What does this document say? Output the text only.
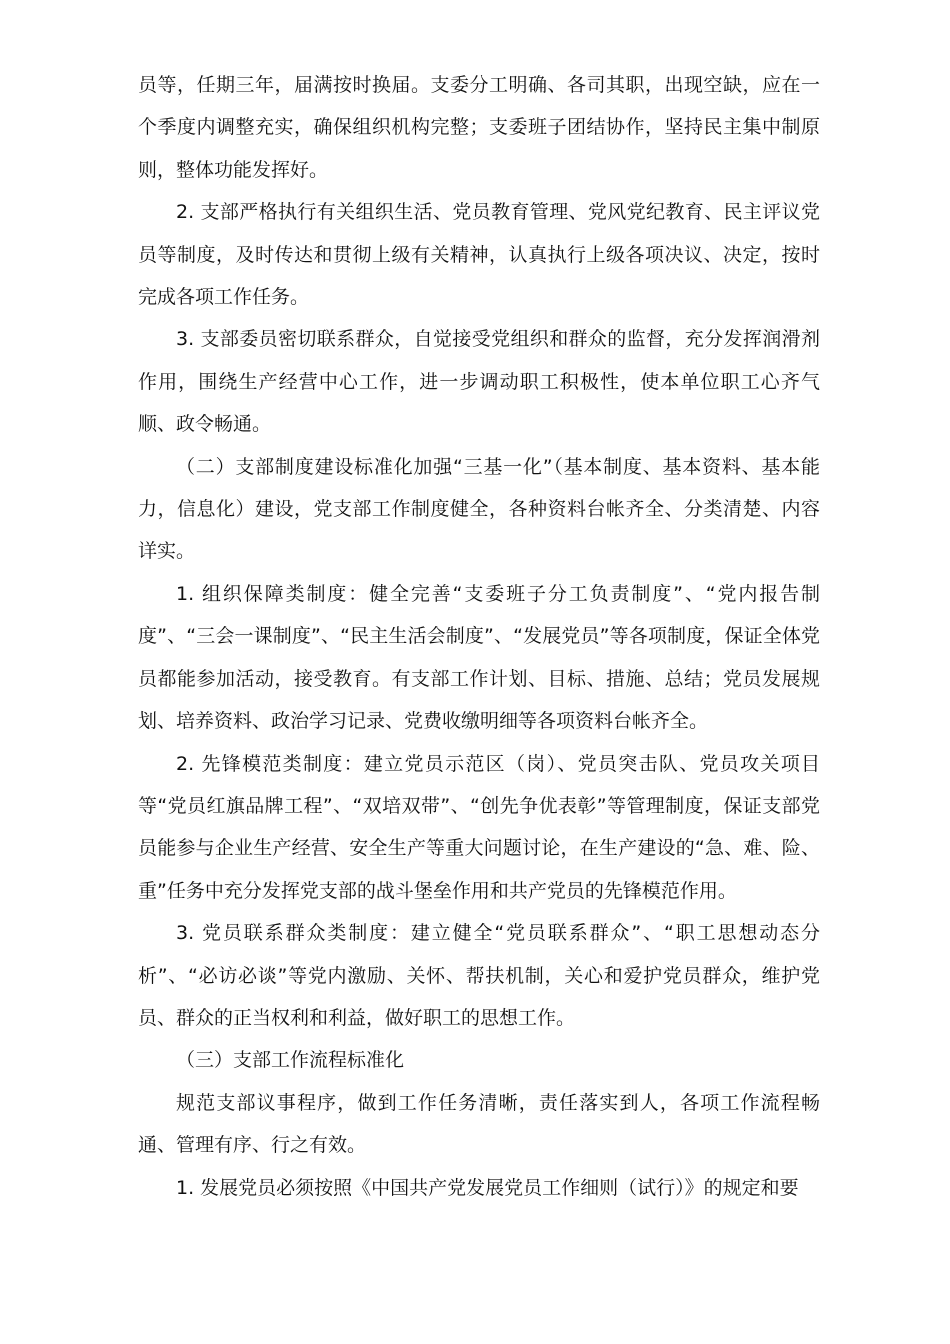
员等，任期三年，届满按时换届。支委分工明确、各司其职，出现空缺，应在一个季度内调整充实，确保组织机构完整；支委班子团结协作，坚持民主集中制原则，整体功能发挥好。

2. 支部严格执行有关组织生活、党员教育管理、党风党纪教育、民主评议党员等制度，及时传达和贯彻上级有关精神，认真执行上级各项决议、决定，按时完成各项工作任务。

3. 支部委员密切联系群众，自觉接受党组织和群众的监督，充分发挥润滑剂作用，围绕生产经营中心工作，进一步调动职工积极性，使本单位职工心齐气顺、政令畅通。

（二）支部制度建设标准化加强“三基一化”（基本制度、基本资料、基本能力，信息化）建设，党支部工作制度健全，各种资料台帐齐全、分类清楚、内容详实。

1. 组织保障类制度：健全完善“支委班子分工负责制度”、“党内报告制度”、“三会一课制度”、“民主生活会制度”、“发展党员”等各项制度，保证全体党员都能参加活动，接受教育。有支部工作计划、目标、措施、总结；党员发展规划、培养资料、政治学习记录、党费收缴明细等各项资料台帐齐全。

2. 先锋模范类制度：建立党员示范区（岗）、党员突击队、党员攻关项目等“党员红旗品牌工程”、“双培双带”、“创先争优表彰”等管理制度，保证支部党员能参与企业生产经营、安全生产等重大问题讨论，在生产建设的“急、难、险、重”任务中充分发挥党支部的战斗堡垒作用和共产党员的先锋模范作用。

3. 党员联系群众类制度：建立健全“党员联系群众”、“职工思想动态分析”、“必访必谈”等党内激励、关怀、帮扶机制，关心和爱护党员群众，维护党员、群众的正当权利和利益，做好职工的思想工作。

（三）支部工作流程标准化

规范支部议事程序，做到工作任务清晰，责任落实到人，各项工作流程畅通、管理有序、行之有效。

1. 发展党员必须按照《中国共产党发展党员工作细则（试行）》的规定和要
